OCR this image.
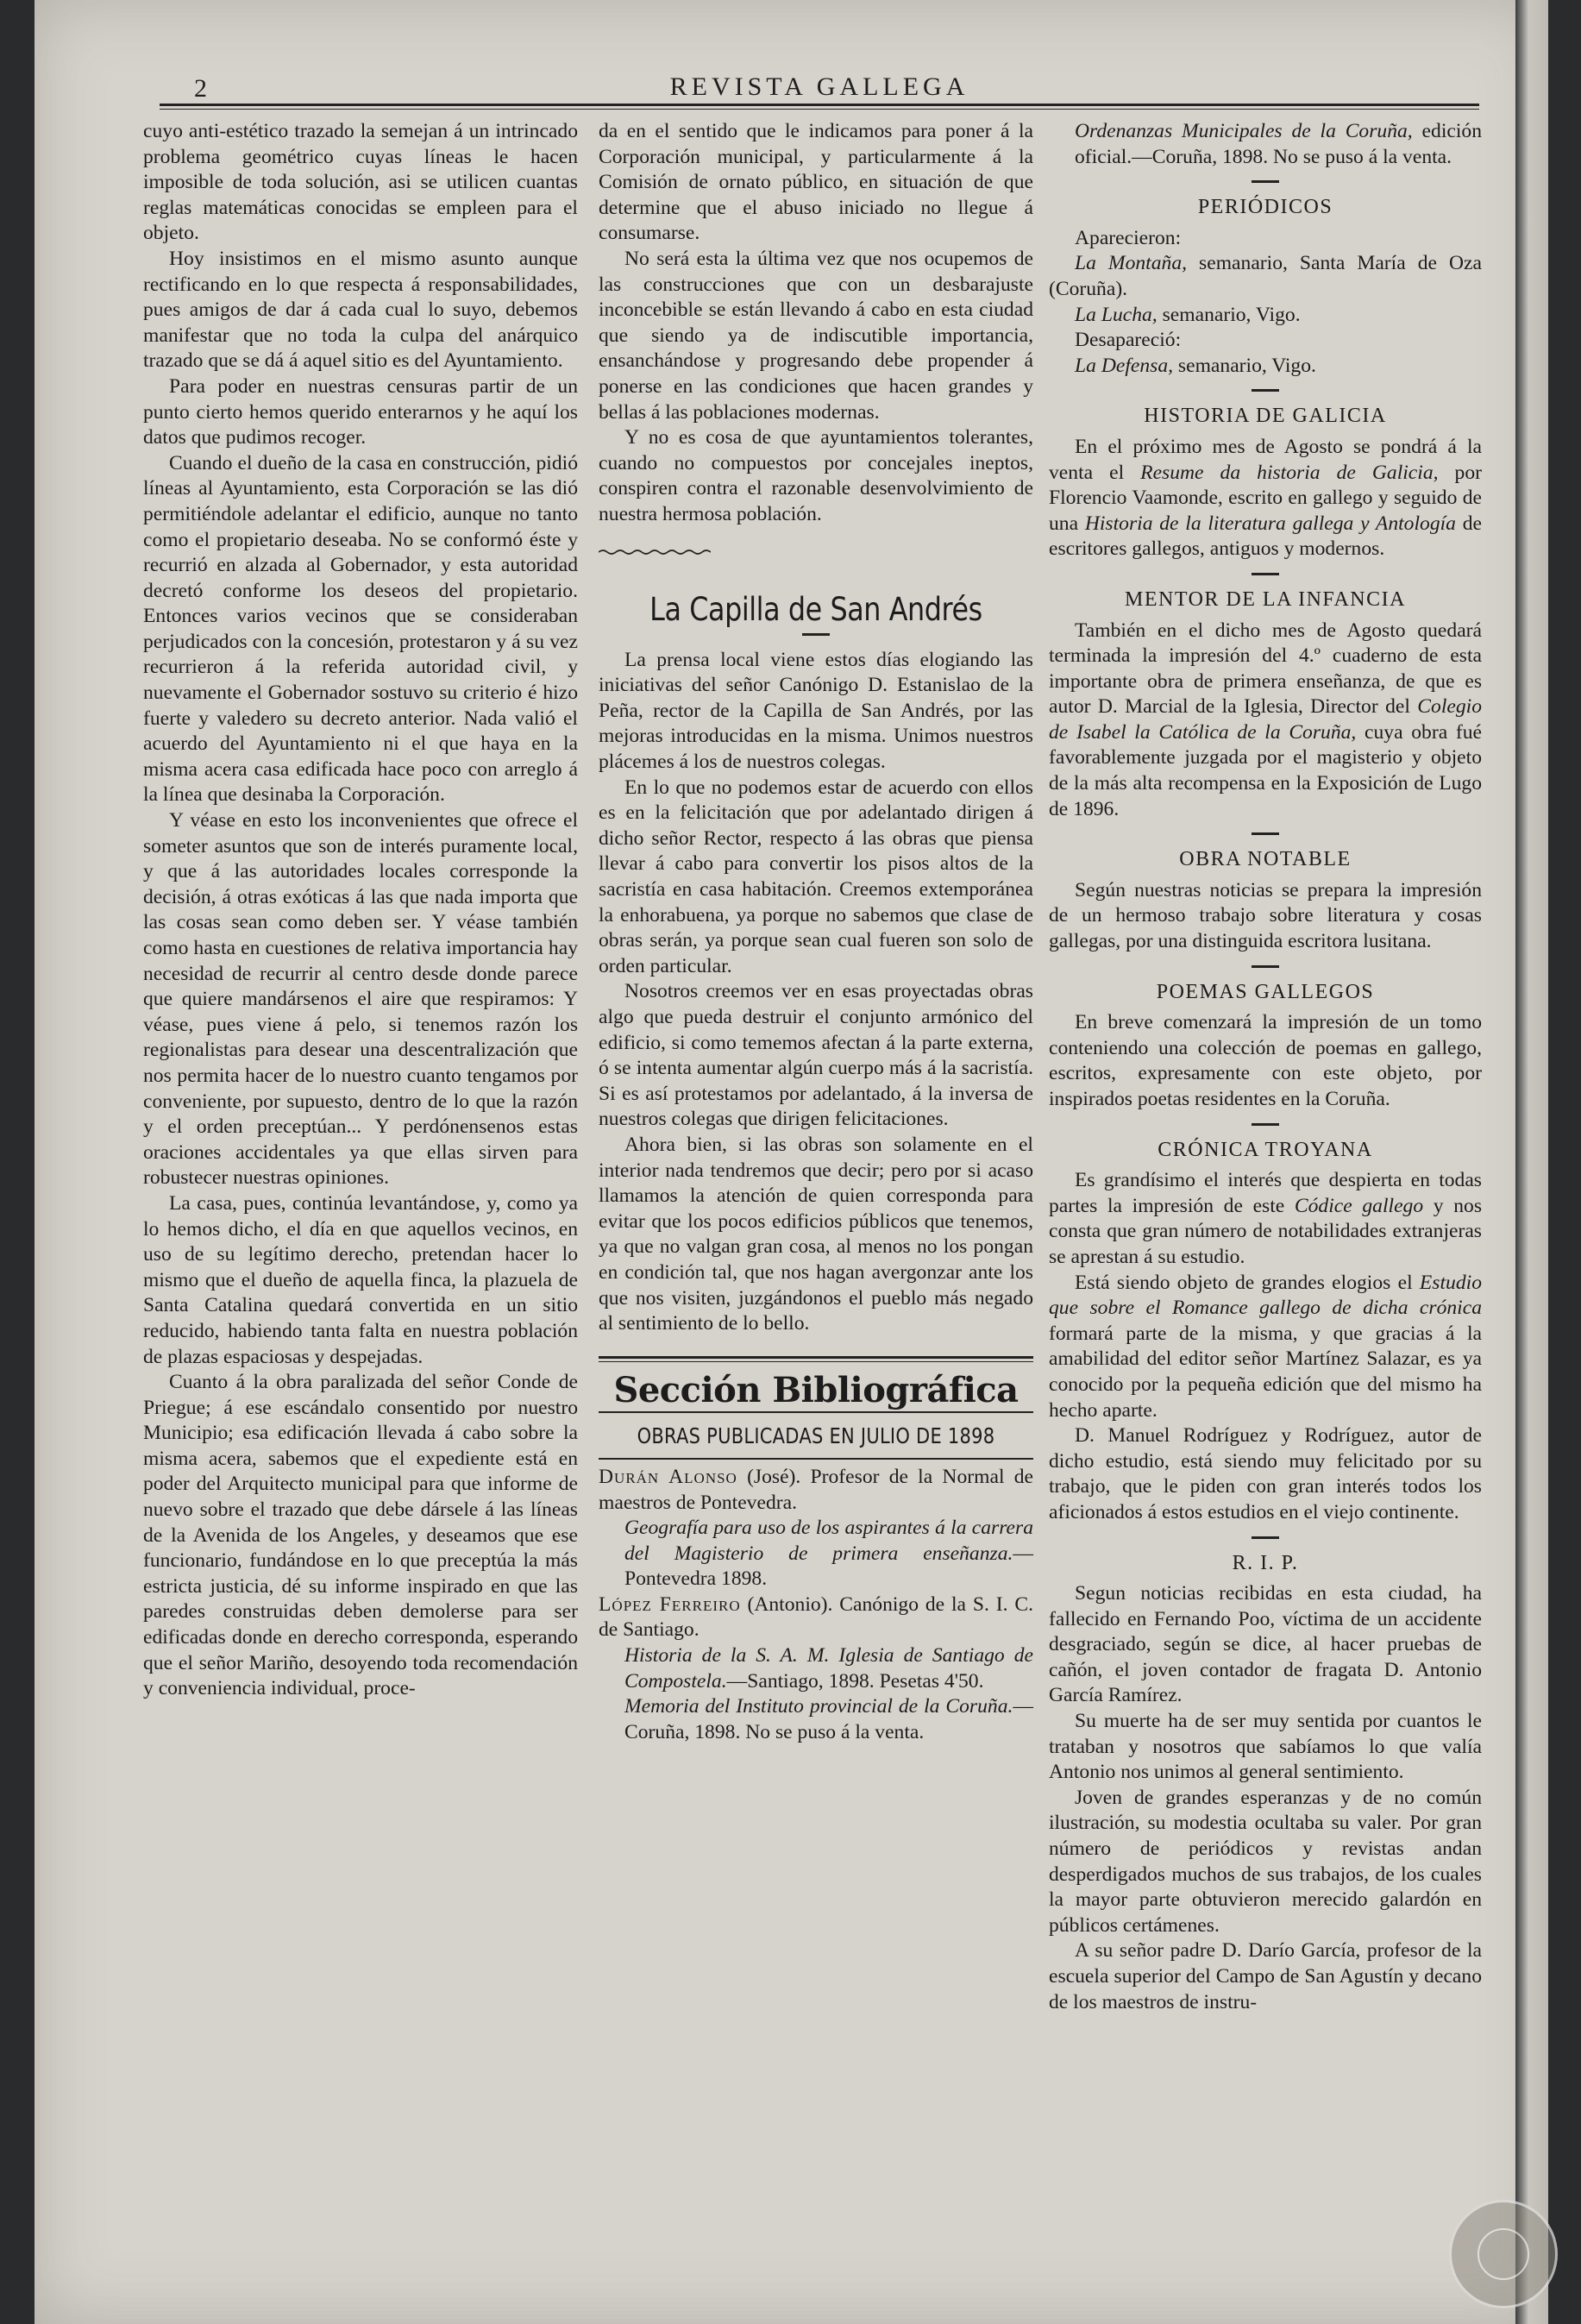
2	REVISTA GALLEGA

cuyo anti-estético trazado la semejan á un intrincado problema geométrico cuyas líneas le hacen imposible de toda solución, asi se utilicen cuantas reglas matemáticas conocidas se empleen para el objeto.

Hoy insistimos en el mismo asunto aunque rectificando en lo que respecta á responsabilidades, pues amigos de dar á cada cual lo suyo, debemos manifestar que no toda la culpa del anárquico trazado que se dá á aquel sitio es del Ayuntamiento.

Para poder en nuestras censuras partir de un punto cierto hemos querido enterarnos y he aquí los datos que pudimos recoger.

Cuando el dueño de la casa en construcción, pidió líneas al Ayuntamiento, esta Corporación se las dió permitiéndole adelantar el edificio, aunque no tanto como el propietario deseaba. No se conformó éste y recurrió en alzada al Gobernador, y esta autoridad decretó conforme los deseos del propietario. Entonces varios vecinos que se consideraban perjudicados con la concesión, protestaron y á su vez recurrieron á la referida autoridad civil, y nuevamente el Gobernador sostuvo su criterio é hizo fuerte y valedero su decreto anterior. Nada valió el acuerdo del Ayuntamiento ni el que haya en la misma acera casa edificada hace poco con arreglo á la línea que desinaba la Corporación.

Y véase en esto los inconvenientes que ofrece el someter asuntos que son de interés puramente local, y que á las autoridades locales corresponde la decisión, á otras exóticas á las que nada importa que las cosas sean como deben ser. Y véase también como hasta en cuestiones de relativa importancia hay necesidad de recurrir al centro desde donde parece que quiere mandársenos el aire que respiramos: Y véase, pues viene á pelo, si tenemos razón los regionalistas para desear una descentralización que nos permita hacer de lo nuestro cuanto tengamos por conveniente, por supuesto, dentro de lo que la razón y el orden preceptúan... Y perdónensenos estas oraciones accidentales ya que ellas sirven para robustecer nuestras opiniones.

La casa, pues, continúa levantándose, y, como ya lo hemos dicho, el día en que aquellos vecinos, en uso de su legítimo derecho, pretendan hacer lo mismo que el dueño de aquella finca, la plazuela de Santa Catalina quedará convertida en un sitio reducido, habiendo tanta falta en nuestra población de plazas espaciosas y despejadas.

Cuanto á la obra paralizada del señor Conde de Priegue; á ese escándalo consentido por nuestro Municipio; esa edificación llevada á cabo sobre la misma acera, sabemos que el expediente está en poder del Arquitecto municipal para que informe de nuevo sobre el trazado que debe dársele á las líneas de la Avenida de los Angeles, y deseamos que ese funcionario, fundándose en lo que preceptúa la más estricta justicia, dé su informe inspirado en que las paredes construidas deben demolerse para ser edificadas donde en derecho corresponda, esperando que el señor Mariño, desoyendo toda recomendación y conveniencia individual, proce-

da en el sentido que le indicamos para poner á la Corporación municipal, y particularmente á la Comisión de ornato público, en situación de que determine que el abuso iniciado no llegue á consumarse.

No será esta la última vez que nos ocupemos de las construcciones que con un desbarajuste inconcebible se están llevando á cabo en esta ciudad que siendo ya de indiscutible importancia, ensanchándose y progresando debe propender á ponerse en las condiciones que hacen grandes y bellas á las poblaciones modernas.

Y no es cosa de que ayuntamientos tolerantes, cuando no compuestos por concejales ineptos, conspiren contra el razonable desenvolvimiento de nuestra hermosa población.

La Capilla de San Andrés

La prensa local viene estos días elogiando las iniciativas del señor Canónigo D. Estanislao de la Peña, rector de la Capilla de San Andrés, por las mejoras introducidas en la misma. Unimos nuestros plácemes á los de nuestros colegas.

En lo que no podemos estar de acuerdo con ellos es en la felicitación que por adelantado dirigen á dicho señor Rector, respecto á las obras que piensa llevar á cabo para convertir los pisos altos de la sacristía en casa habitación. Creemos extemporánea la enhorabuena, ya porque no sabemos que clase de obras serán, ya porque sean cual fueren son solo de orden particular.

Nosotros creemos ver en esas proyectadas obras algo que pueda destruir el conjunto armónico del edificio, si como tememos afectan á la parte externa, ó se intenta aumentar algún cuerpo más á la sacristía. Si es así protestamos por adelantado, á la inversa de nuestros colegas que dirigen felicitaciones.

Ahora bien, si las obras son solamente en el interior nada tendremos que decir; pero por si acaso llamamos la atención de quien corresponda para evitar que los pocos edificios públicos que tenemos, ya que no valgan gran cosa, al menos no los pongan en condición tal, que nos hagan avergonzar ante los que nos visiten, juzgándonos el pueblo más negado al sentimiento de lo bello.

Sección Bibliográfica
OBRAS PUBLICADAS EN JULIO DE 1898

Durán Alonso (José). Profesor de la Normal de maestros de Pontevedra.

Geografía para uso de los aspirantes á la carrera del Magisterio de primera enseñanza.—Pontevedra 1898.

López Ferreiro (Antonio). Canónigo de la S. I. C. de Santiago.

Historia de la S. A. M. Iglesia de Santiago de Compostela.—Santiago, 1898. Pesetas 4'50.

Memoria del Instituto provincial de la Coruña.—Coruña, 1898. No se puso á la venta.

Ordenanzas Municipales de la Coruña, edición oficial.—Coruña, 1898. No se puso á la venta.

PERIÓDICOS

Aparecieron:

La Montaña, semanario, Santa María de Oza (Coruña).

La Lucha, semanario, Vigo.

Desapareció:

La Defensa, semanario, Vigo.

HISTORIA DE GALICIA

En el próximo mes de Agosto se pondrá á la venta el Resume da historia de Galicia, por Florencio Vaamonde, escrito en gallego y seguido de una Historia de la literatura gallega y Antología de escritores gallegos, antiguos y modernos.

MENTOR DE LA INFANCIA

También en el dicho mes de Agosto quedará terminada la impresión del 4.º cuaderno de esta importante obra de primera enseñanza, de que es autor D. Marcial de la Iglesia, Director del Colegio de Isabel la Católica de la Coruña, cuya obra fué favorablemente juzgada por el magisterio y objeto de la más alta recompensa en la Exposición de Lugo de 1896.

OBRA NOTABLE

Según nuestras noticias se prepara la impresión de un hermoso trabajo sobre literatura y cosas gallegas, por una distinguida escritora lusitana.

POEMAS GALLEGOS

En breve comenzará la impresión de un tomo conteniendo una colección de poemas en gallego, escritos, expresamente con este objeto, por inspirados poetas residentes en la Coruña.

CRÓNICA TROYANA

Es grandísimo el interés que despierta en todas partes la impresión de este Códice gallego y nos consta que gran número de notabilidades extranjeras se aprestan á su estudio.

Está siendo objeto de grandes elogios el Estudio que sobre el Romance gallego de dicha crónica formará parte de la misma, y que gracias á la amabilidad del editor señor Martínez Salazar, es ya conocido por la pequeña edición que del mismo ha hecho aparte.

D. Manuel Rodríguez y Rodríguez, autor de dicho estudio, está siendo muy felicitado por su trabajo, que le piden con gran interés todos los aficionados á estos estudios en el viejo continente.

R. I. P.

Segun noticias recibidas en esta ciudad, ha fallecido en Fernando Poo, víctima de un accidente desgraciado, según se dice, al hacer pruebas de cañón, el joven contador de fragata D. Antonio García Ramírez.

Su muerte ha de ser muy sentida por cuantos le trataban y nosotros que sabíamos lo que valía Antonio nos unimos al general sentimiento.

Joven de grandes esperanzas y de no común ilustración, su modestia ocultaba su valer. Por gran número de periódicos y revistas andan desperdigados muchos de sus trabajos, de los cuales la mayor parte obtuvieron merecido galardón en públicos certámenes.

A su señor padre D. Darío García, profesor de la escuela superior del Campo de San Agustín y decano de los maestros de instru-
